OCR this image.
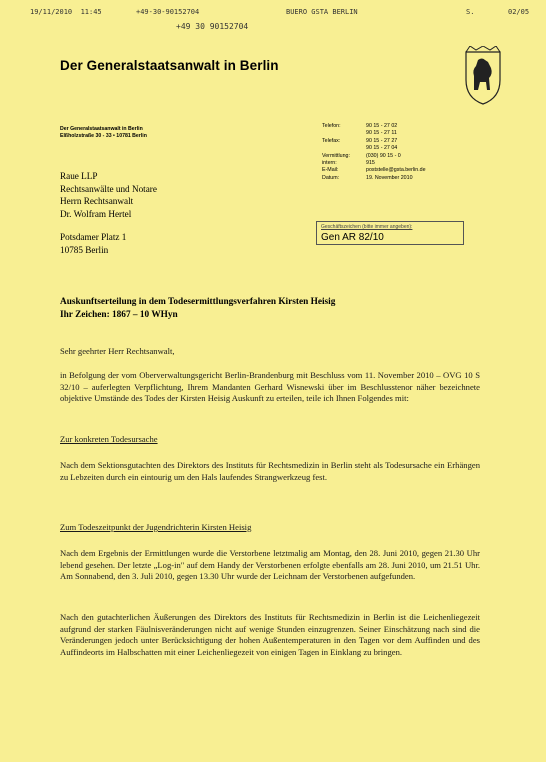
19/11/2010  11:45	+49-30-90152704	BUERO GSTA BERLIN	S.	02/05
+49 30 90152704
Der Generalstaatsanwalt in Berlin
Der Generalstaatsanwalt in Berlin
Elßholzstraße 30 - 33 • 10781 Berlin
Raue LLP
Rechtsanwälte und Notare
Herrn Rechtsanwalt
Dr. Wolfram Hertel
Potsdamer Platz 1
10785 Berlin
Telefon:	90 15 - 27 02
90 15 - 27 11
Telefax:	90 15 - 27 27
90 15 - 27 04
Vermittlung:	(030) 90 15 - 0
intern:	915
E-Mail:	poststelle@gsta.berlin.de
Datum:	19. November 2010
Geschäftszeichen (bitte immer angeben):
Gen AR 82/10
Auskunftserteilung in dem Todesermittlungsverfahren Kirsten Heisig
Ihr Zeichen: 1867 – 10 WHyn
Sehr geehrter Herr Rechtsanwalt,
in Befolgung der vom Oberverwaltungsgericht Berlin-Brandenburg mit Beschluss vom 11. November 2010 – OVG 10 S 32/10 – auferlegten Verpflichtung, Ihrem Mandanten Gerhard Wisnewski über im Beschlusstenor näher bezeichnete objektive Umstände des Todes der Kirsten Heisig Auskunft zu erteilen, teile ich Ihnen Folgendes mit:
Zur konkreten Todesursache
Nach dem Sektionsgutachten des Direktors des Instituts für Rechtsmedizin in Berlin steht als Todesursache ein Erhängen zu Lebzeiten durch ein eintourig um den Hals laufendes Strangwerkzeug fest.
Zum Todeszeitpunkt der Jugendrichterin Kirsten Heisig
Nach dem Ergebnis der Ermittlungen wurde die Verstorbene letztmalig am Montag, den 28. Juni 2010, gegen 21.30 Uhr lebend gesehen. Der letzte „Log-in" auf dem Handy der Verstorbenen erfolgte ebenfalls am 28. Juni 2010, um 21.51 Uhr. Am Sonnabend, den 3. Juli 2010, gegen 13.30 Uhr wurde der Leichnam der Verstorbenen aufgefunden.
Nach den gutachterlichen Äußerungen des Direktors des Instituts für Rechtsmedizin in Berlin ist die Leichenliegezeit aufgrund der starken Fäulnisveränderungen nicht auf wenige Stunden einzugrenzen. Seiner Einschätzung nach sind die Veränderungen jedoch unter Berücksichtigung der hohen Außentemperaturen in den Tagen vor dem Auffinden und des Auffindeorts im Halbschatten mit einer Leichenliegezeit von einigen Tagen in Einklang zu bringen.
